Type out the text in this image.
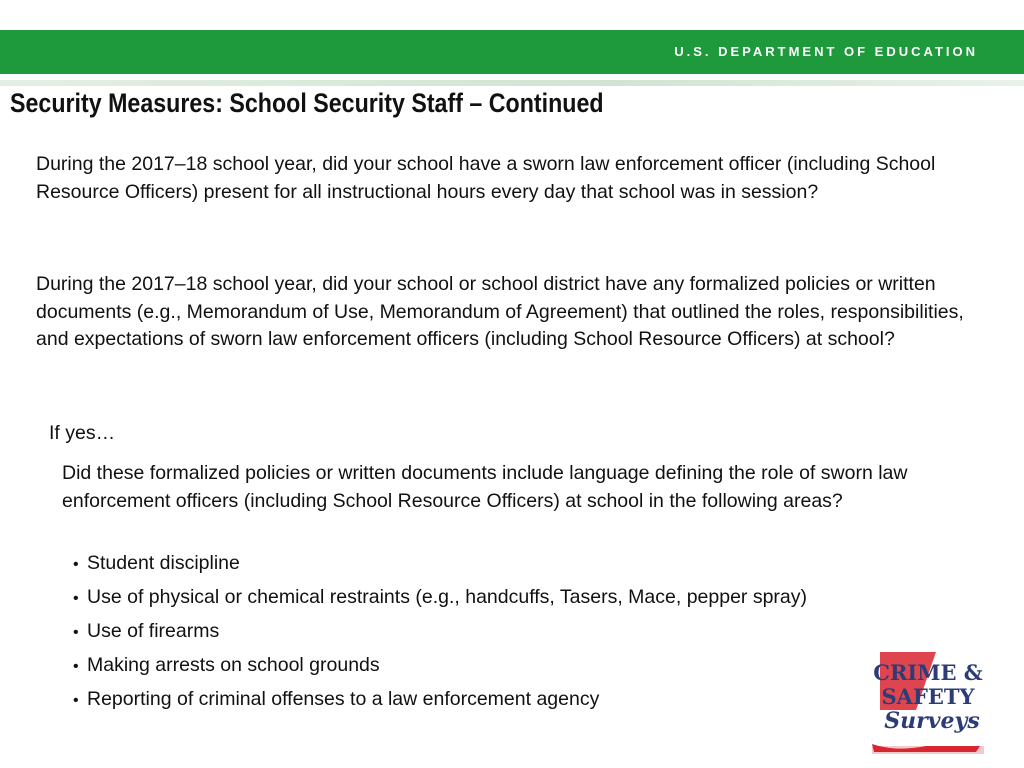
U.S. DEPARTMENT OF EDUCATION
Security Measures: School Security Staff – Continued
During the 2017–18 school year, did your school have a sworn law enforcement officer (including School Resource Officers) present for all instructional hours every day that school was in session?
During the 2017–18 school year, did your school or school district have any formalized policies or written documents (e.g., Memorandum of Use, Memorandum of Agreement) that outlined the roles, responsibilities, and expectations of sworn law enforcement officers (including School Resource Officers) at school?
If yes…
Did these formalized policies or written documents include language defining the role of sworn law enforcement officers (including School Resource Officers) at school in the following areas?
• Student discipline
• Use of physical or chemical restraints (e.g., handcuffs, Tasers, Mace, pepper spray)
• Use of firearms
• Making arrests on school grounds
• Reporting of criminal offenses to a law enforcement agency
CRIME &
SAFETY
Surveys
